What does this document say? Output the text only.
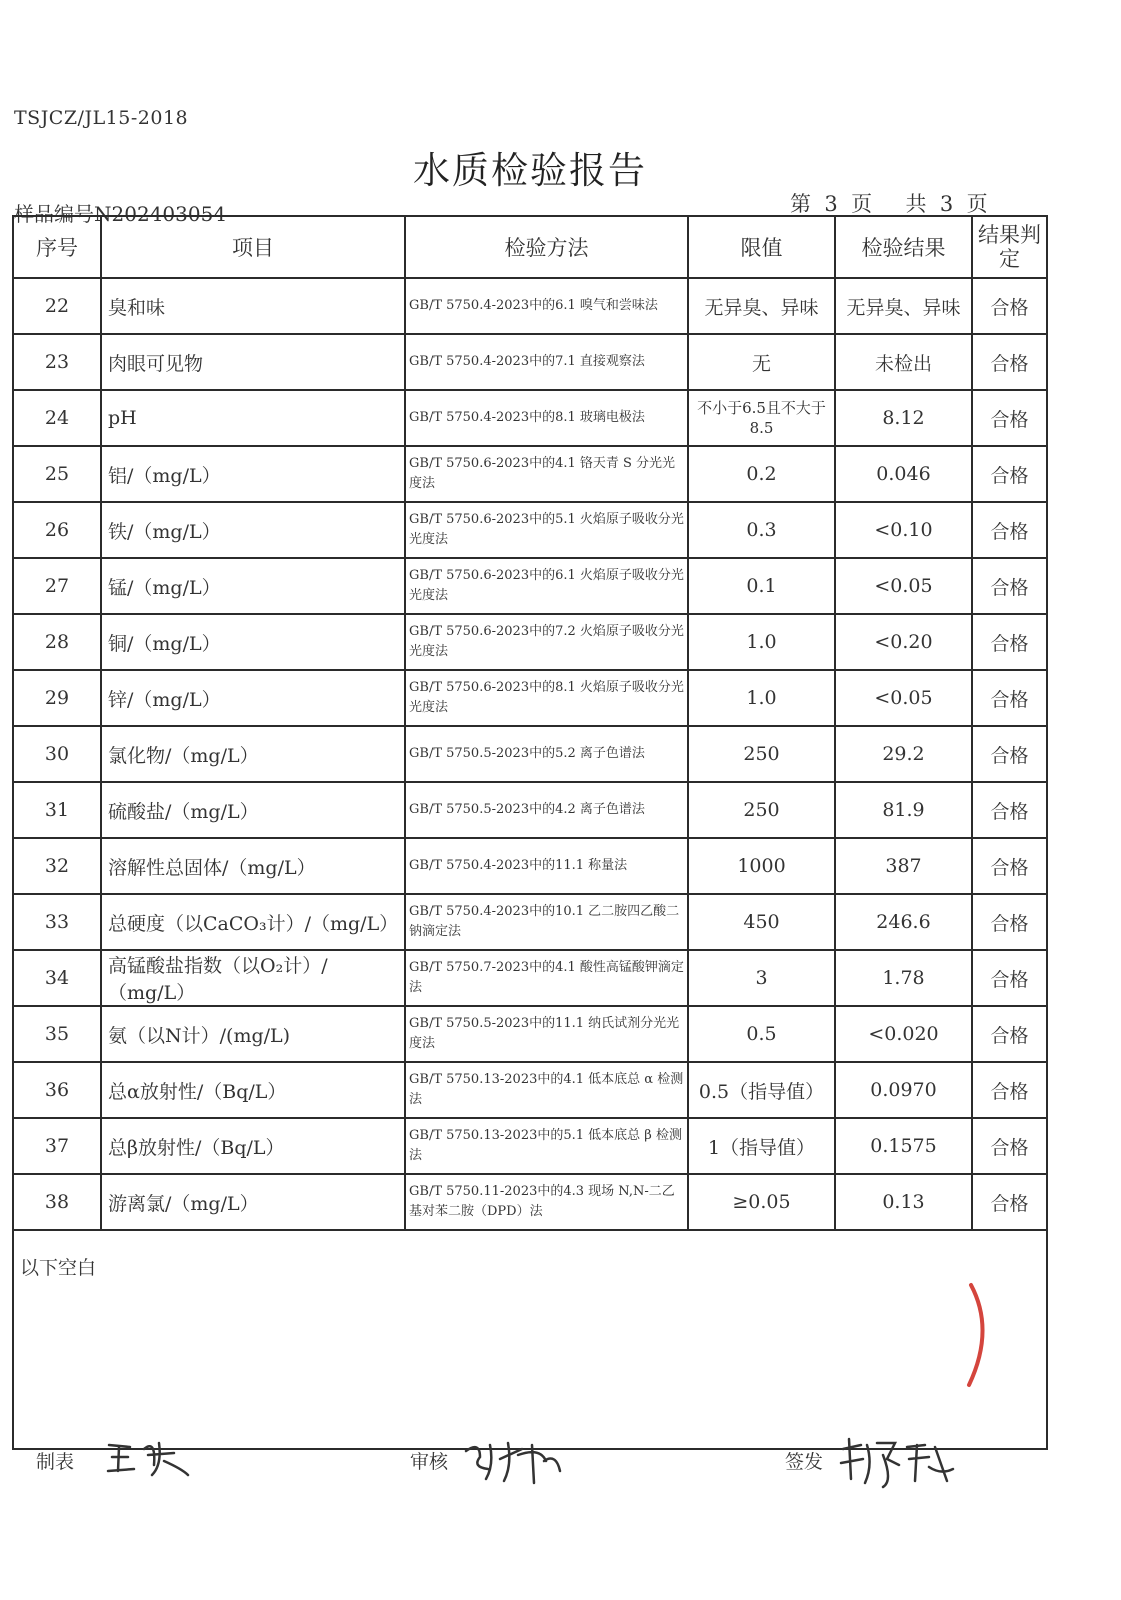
TSJCZ/JL15-2018
水质检验报告
样品编号N202403054	第 3 页 共 3 页
序号	项目	检验方法	限值	检验结果	结果判定
22	臭和味	GB/T 5750.4-2023中的6.1 嗅气和尝味法	无异臭、异味	无异臭、异味	合格
23	肉眼可见物	GB/T 5750.4-2023中的7.1 直接观察法	无	未检出	合格
24	pH	GB/T 5750.4-2023中的8.1 玻璃电极法	不小于6.5且不大于8.5	8.12	合格
25	铝/（mg/L）	GB/T 5750.6-2023中的4.1 铬天青 S 分光光度法	0.2	0.046	合格
26	铁/（mg/L）	GB/T 5750.6-2023中的5.1 火焰原子吸收分光光度法	0.3	<0.10	合格
27	锰/（mg/L）	GB/T 5750.6-2023中的6.1 火焰原子吸收分光光度法	0.1	<0.05	合格
28	铜/（mg/L）	GB/T 5750.6-2023中的7.2 火焰原子吸收分光光度法	1.0	<0.20	合格
29	锌/（mg/L）	GB/T 5750.6-2023中的8.1 火焰原子吸收分光光度法	1.0	<0.05	合格
30	氯化物/（mg/L）	GB/T 5750.5-2023中的5.2 离子色谱法	250	29.2	合格
31	硫酸盐/（mg/L）	GB/T 5750.5-2023中的4.2 离子色谱法	250	81.9	合格
32	溶解性总固体/（mg/L）	GB/T 5750.4-2023中的11.1 称量法	1000	387	合格
33	总硬度（以CaCO₃计）/（mg/L）	GB/T 5750.4-2023中的10.1 乙二胺四乙酸二钠滴定法	450	246.6	合格
34	高锰酸盐指数（以O₂计）/（mg/L）	GB/T 5750.7-2023中的4.1 酸性高锰酸钾滴定法	3	1.78	合格
35	氨（以N计）/(mg/L)	GB/T 5750.5-2023中的11.1 纳氏试剂分光光度法	0.5	<0.020	合格
36	总α放射性/（Bq/L）	GB/T 5750.13-2023中的4.1 低本底总 α 检测法	0.5（指导值）	0.0970	合格
37	总β放射性/（Bq/L）	GB/T 5750.13-2023中的5.1 低本底总 β 检测法	1（指导值）	0.1575	合格
38	游离氯/（mg/L）	GB/T 5750.11-2023中的4.3 现场 N,N-二乙基对苯二胺（DPD）法	≥0.05	0.13	合格
以下空白					
制表	审核	签发
